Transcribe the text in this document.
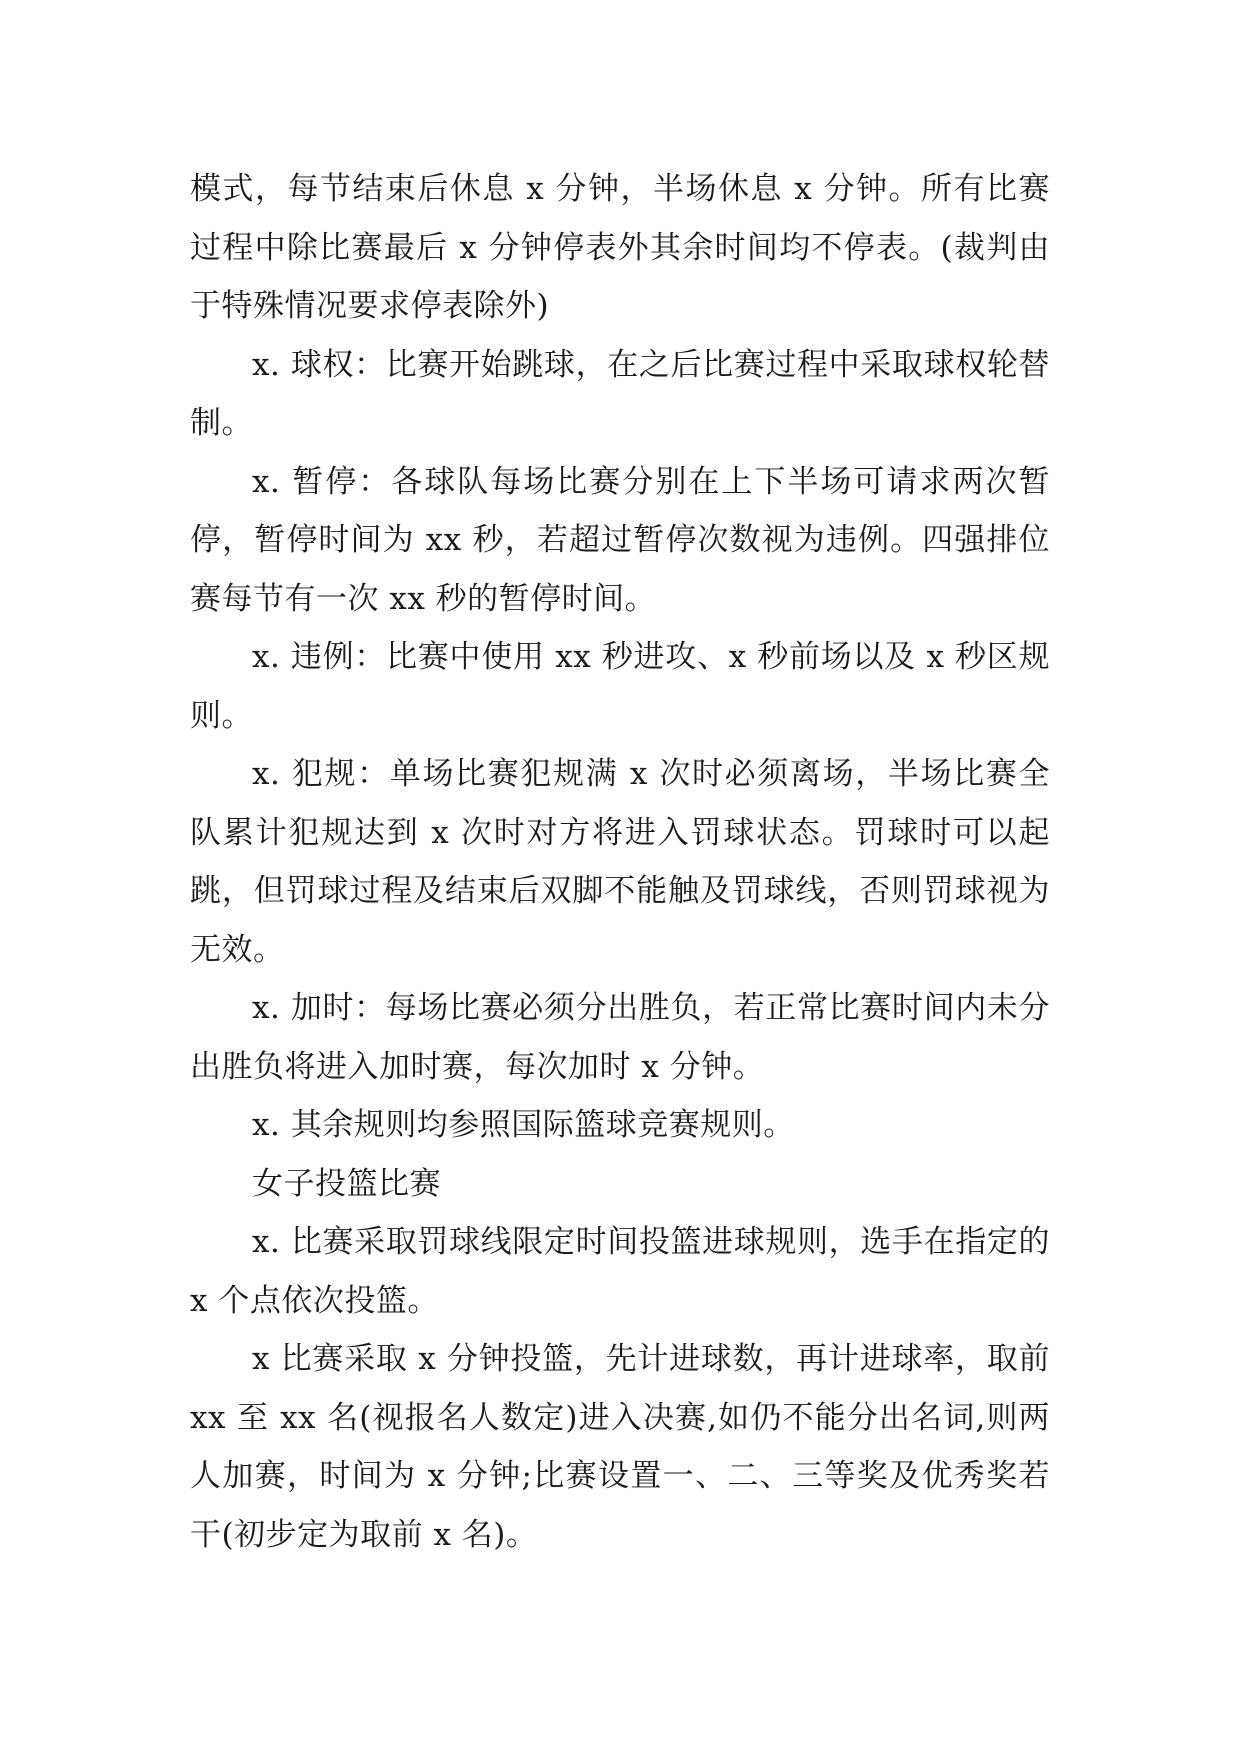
模式，每节结束后休息 x 分钟，半场休息 x 分钟。所有比赛过程中除比赛最后 x 分钟停表外其余时间均不停表。(裁判由于特殊情况要求停表除外)

x. 球权：比赛开始跳球，在之后比赛过程中采取球权轮替制。

x. 暂停：各球队每场比赛分别在上下半场可请求两次暂停，暂停时间为 xx 秒，若超过暂停次数视为违例。四强排位赛每节有一次 xx 秒的暂停时间。

x. 违例：比赛中使用 xx 秒进攻、x 秒前场以及 x 秒区规则。

x. 犯规：单场比赛犯规满 x 次时必须离场，半场比赛全队累计犯规达到 x 次时对方将进入罚球状态。罚球时可以起跳，但罚球过程及结束后双脚不能触及罚球线，否则罚球视为无效。

x. 加时：每场比赛必须分出胜负，若正常比赛时间内未分出胜负将进入加时赛，每次加时 x 分钟。

x. 其余规则均参照国际篮球竞赛规则。

女子投篮比赛

x. 比赛采取罚球线限定时间投篮进球规则，选手在指定的 x 个点依次投篮。

x 比赛采取 x 分钟投篮，先计进球数，再计进球率，取前 xx 至 xx 名(视报名人数定)进入决赛,如仍不能分出名词,则两人加赛，时间为 x 分钟;比赛设置一、二、三等奖及优秀奖若干(初步定为取前 x 名)。
